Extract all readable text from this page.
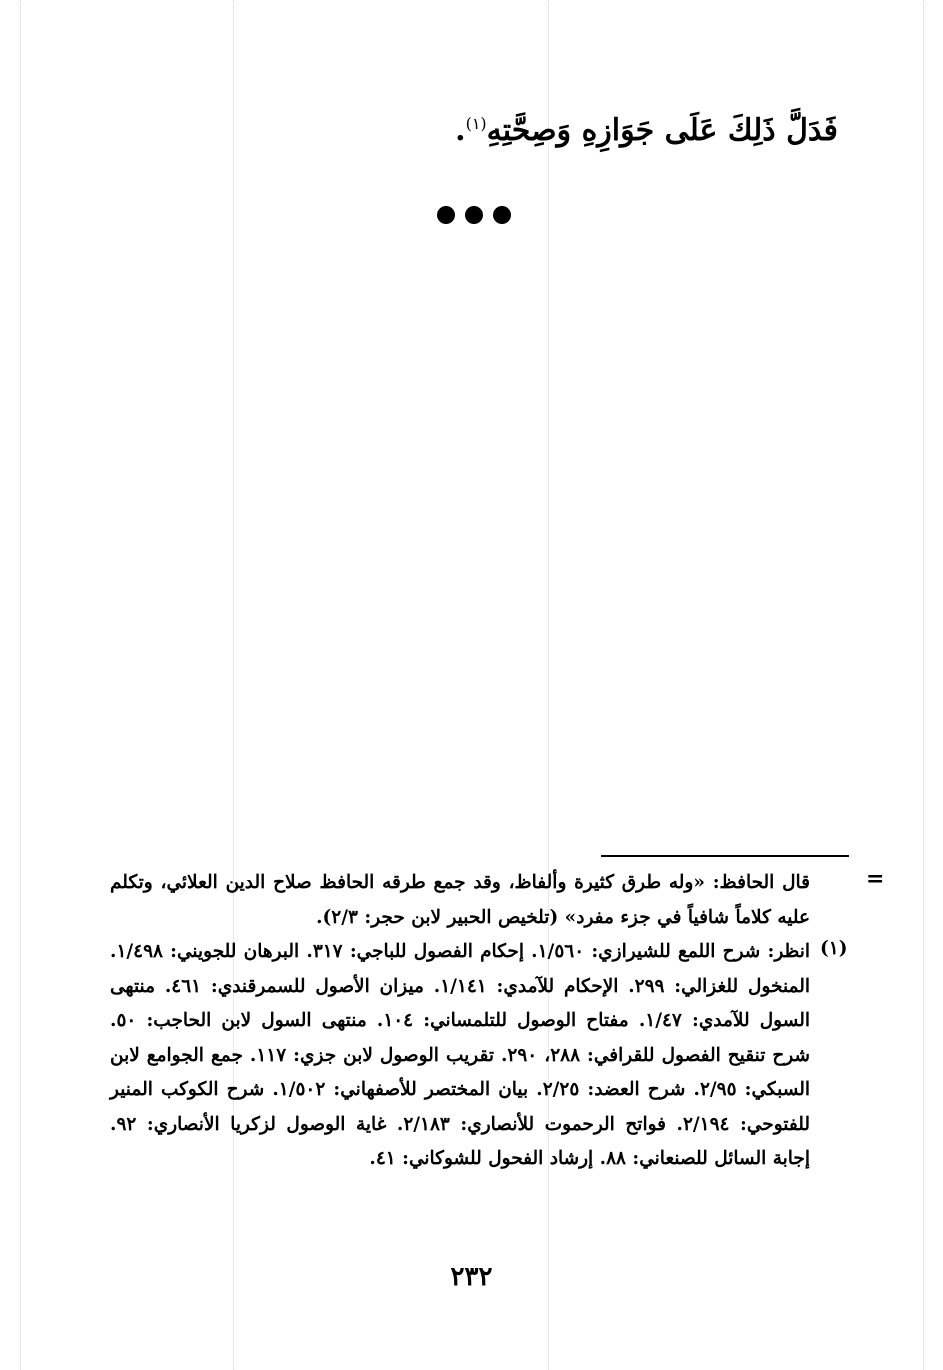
فَدَلَّ ذَلِكَ عَلَى جَوَازِهِ وَصِحَّتِهِ$^{(١)}$.
=
(١)

قال الحافظ: «وله طرق كثيرة وألفاظ، وقد جمع طرقه الحافظ صلاح الدين العلائي، وتكلم عليه كلاماً شافياً في جزء مفرد» (تلخيص الحبير لابن حجر: ٢/٣).

انظر: شرح اللمع للشيرازي: ١/٥٦٠. إحكام الفصول للباجي: ٣١٧. البرهان للجويني: ١/٤٩٨. المنخول للغزالي: ٢٩٩. الإحكام للآمدي: ١/١٤١. ميزان الأصول للسمرقندي: ٤٦١. منتهى السول للآمدي: ١/٤٧. مفتاح الوصول للتلمساني: ١٠٤. منتهى السول لابن الحاجب: ٥٠. شرح تنقيح الفصول للقرافي: ٢٨٨، ٢٩٠. تقريب الوصول لابن جزي: ١١٧. جمع الجوامع لابن السبكي: ٢/٩٥. شرح العضد: ٢/٢٥. بيان المختصر للأصفهاني: ١/٥٠٢. شرح الكوكب المنير للفتوحي: ٢/١٩٤. فواتح الرحموت للأنصاري: ٢/١٨٣. غاية الوصول لزكريا الأنصاري: ٩٢. إجابة السائل للصنعاني: ٨٨. إرشاد الفحول للشوكاني: ٤١.

٢٣٢
